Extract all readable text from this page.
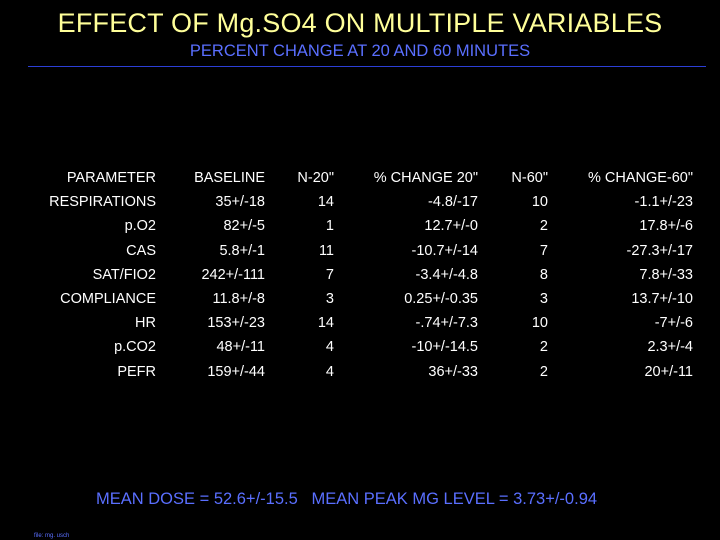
EFFECT OF Mg.SO4 ON MULTIPLE VARIABLES
PERCENT CHANGE AT 20 AND 60 MINUTES
PARAMETER	BASELINE	N-20"	% CHANGE 20"	N-60"	% CHANGE-60"
RESPIRATIONS	35+/-18	14	-4.8/-17	10	-1.1+/-23
p.O2	82+/-5	1	12.7+/-0	2	17.8+/-6
CAS	5.8+/-1	11	-10.7+/-14	7	-27.3+/-17
SAT/FIO2	242+/-111	7	-3.4+/-4.8	8	7.8+/-33
COMPLIANCE	11.8+/-8	3	0.25+/-0.35	3	13.7+/-10
HR	153+/-23	14	-.74+/-7.3	10	-7+/-6
p.CO2	48+/-11	4	-10+/-14.5	2	2.3+/-4
PEFR	159+/-44	4	36+/-33	2	20+/-11
MEAN DOSE = 52.6+/-15.5   MEAN PEAK MG LEVEL = 3.73+/-0.94
file: mg. usch
